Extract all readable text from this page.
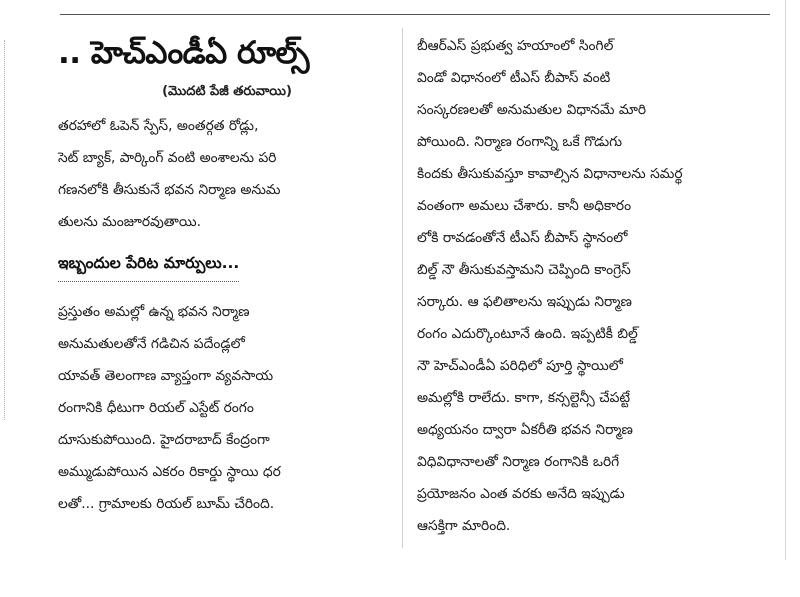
.. హెచ్‌ఎండీఏ రూల్స్
(మొదటి పేజీ తరువాయి)

తరహాలో ఓపెన్ స్పేస్, అంతర్గత రోడ్లు,
సెట్ బ్యాక్, పార్కింగ్ వంటి అంశాలను పరి
గణనలోకి తీసుకునే భవన నిర్మాణ అనుమ
తులను మంజూరవుతాయి.

ఇబ్బందుల పేరిట మార్పులు...

ప్రస్తుతం అమల్లో ఉన్న భవన నిర్మాణ
అనుమతులతోనే గడిచిన పదేండ్లలో
యావత్ తెలంగాణ వ్యాప్తంగా వ్యవసాయ
రంగానికి ధీటుగా రియల్ ఎస్టేట్ రంగం
దూసుకుపోయింది. హైదరాబాద్ కేంద్రంగా
అమ్ముడుపోయిన ఎకరం రికార్డు స్థాయి ధర
లతో... గ్రామాలకు రియల్ బూమ్ చేరింది.

బీఆర్ఎస్ ప్రభుత్వ హయాంలో సింగిల్
విండో విధానంలో టీఎస్ బీపాస్ వంటి
సంస్కరణలతో అనుమతుల విధానమే మారి
పోయింది. నిర్మాణ రంగాన్ని ఒకే గొడుగు
కిందకు తీసుకువస్తూ కావాల్సిన విధానాలను సమర్థ
వంతంగా అమలు చేశారు. కానీ అధికారం
లోకి రావడంతోనే టీఎస్ బీపాస్ స్థానంలో
బిల్డ్ నౌ తీసుకువస్తామని చెప్పింది కాంగ్రెస్
సర్కారు. ఆ ఫలితాలను ఇప్పుడు నిర్మాణ
రంగం ఎదుర్కొంటూనే ఉంది. ఇప్పటికీ బిల్డ్
నౌ హెచ్ఎండీఏ పరిధిలో పూర్తి స్థాయిలో
అమల్లోకి రాలేదు. కాగా, కన్సల్టెన్సీ చేపట్టే
అధ్యయనం ద్వారా ఏకరీతి భవన నిర్మాణ
విధివిధానాలతో నిర్మాణ రంగానికి ఒరిగే
ప్రయోజనం ఎంత వరకు అనేది ఇప్పుడు
ఆసక్తిగా మారింది.
